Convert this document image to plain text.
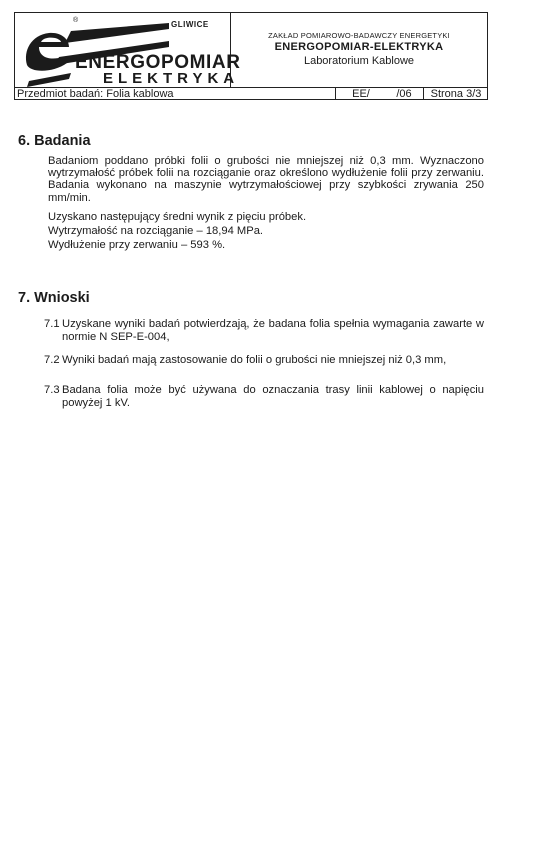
®	GLIWICE
ENERGOPOMIAR
ELEKTRYKA
ZAKŁAD POMIAROWO-BADAWCZY ENERGETYKI
ENERGOPOMIAR-ELEKTRYKA
Laboratorium Kablowe
Przedmiot badań: Folia kablowa	EE/	/06	Strona 3/3
6. Badania
Badaniom poddano próbki folii o grubości nie mniejszej niż 0,3 mm. Wyznaczono wytrzymałość próbek folii na rozciąganie oraz określono wydłużenie folii przy zerwaniu. Badania wykonano na maszynie wytrzymałościowej przy szybkości zrywania 250 mm/min.
Uzyskano następujący średni wynik z pięciu próbek.
Wytrzymałość na rozciąganie – 18,94 MPa.
Wydłużenie przy zerwaniu – 593 %.
7. Wnioski
7.1 Uzyskane wyniki badań potwierdzają, że badana folia spełnia wymagania zawarte w normie N SEP-E-004,
7.2 Wyniki badań mają zastosowanie do folii o grubości nie mniejszej niż 0,3 mm,
7.3 Badana folia może być używana do oznaczania trasy linii kablowej o napięciu powyżej 1 kV.
